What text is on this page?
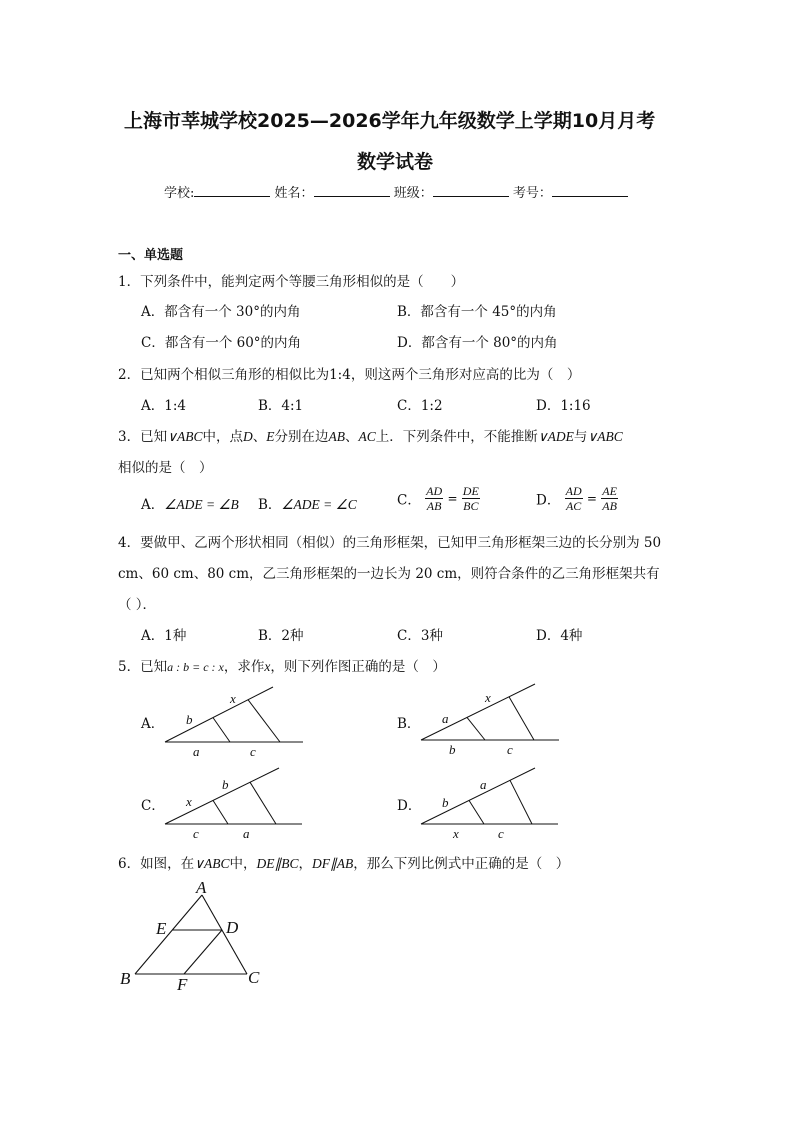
上海市莘城学校2025—2026学年九年级数学上学期10月月考
数学试卷
学校:	姓名：	班级：	考号：
一、单选题
1．下列条件中，能判定两个等腰三角形相似的是（　　）
A．都含有一个 30°的内角	B．都含有一个 45°的内角
C．都含有一个 60°的内角	D．都含有一个 80°的内角
2．已知两个相似三角形的相似比为1:4，则这两个三角形对应高的比为（　）
A．1:4	B．4:1	C．1:2	D．1:16
3．已知∨ABC中，点D、E分别在边AB、AC上．下列条件中，不能推断∨ADE与∨ABC
相似的是（　）
A．∠ADE = ∠B B．∠ADE = ∠C	C． $\frac{AD}{AB} = \frac{DE}{BC}$	D． $\frac{AD}{AC} = \frac{AE}{AB}$
4．要做甲、乙两个形状相同（相似）的三角形框架，已知甲三角形框架三边的长分别为 50
cm、60 cm、80 cm，乙三角形框架的一边长为 20 cm，则符合条件的乙三角形框架共有
（ ）．
A．1种	B．2种	C．3种	D．4种
5．已知a : b = c : x，求作x，则下列作图正确的是（　）
A．	B．
C．	D．
b
x
a	c
a
x
b	c
x
b
c	a
b
a
x	c
6．如图，在∨ABC中，DE∥BC，DF∥AB，那么下列比例式中正确的是（　）
A
E	D
B	F	C
